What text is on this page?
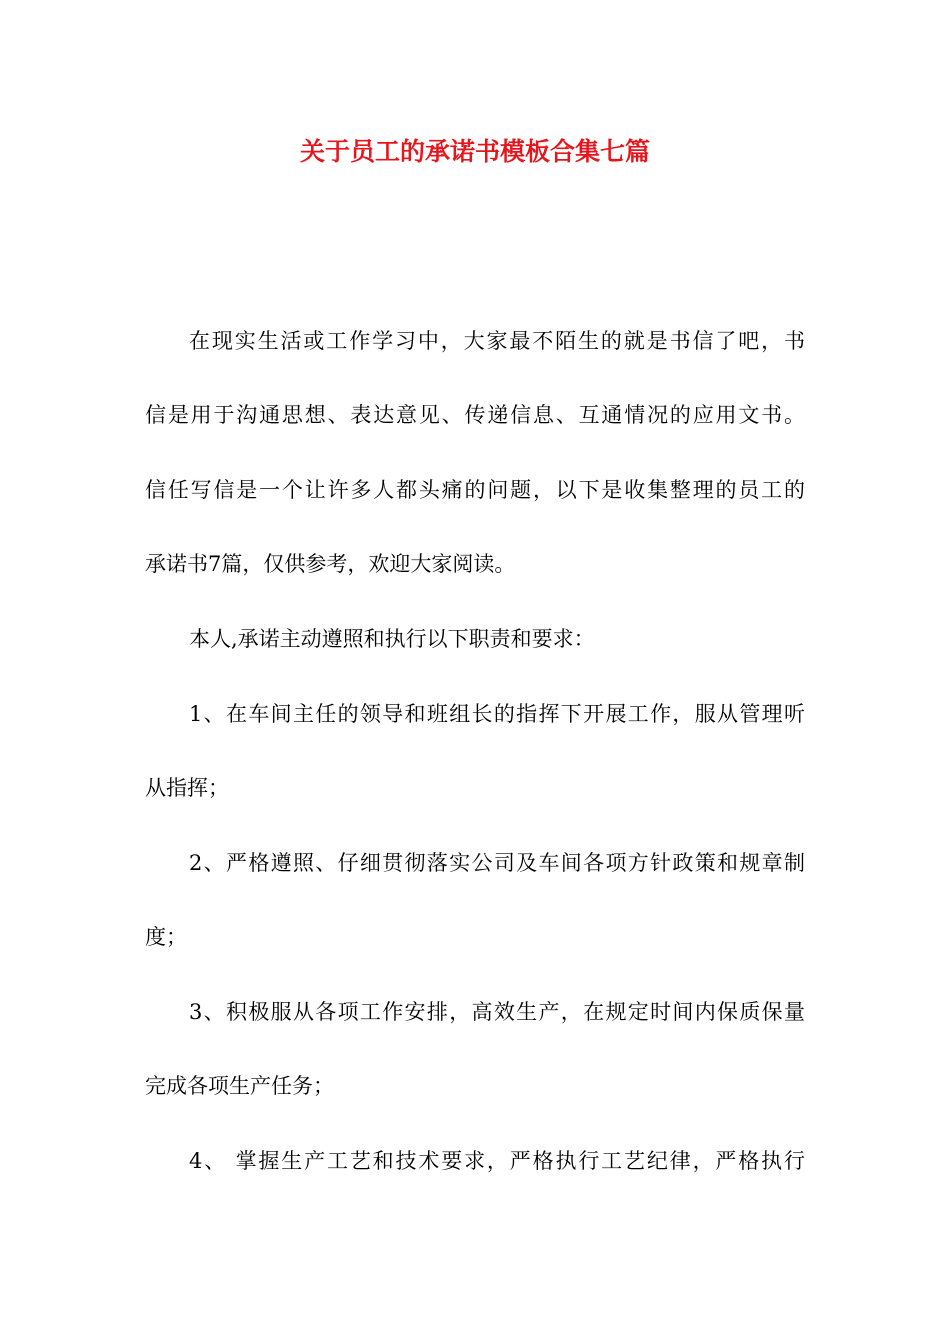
关于员工的承诺书模板合集七篇

在现实生活或工作学习中，大家最不陌生的就是书信了吧，书

信是用于沟通思想、表达意见、传递信息、互通情况的应用文书。

信任写信是一个让许多人都头痛的问题，以下是收集整理的员工的

承诺书7篇，仅供参考，欢迎大家阅读。

本人,承诺主动遵照和执行以下职责和要求：

1、在车间主任的领导和班组长的指挥下开展工作，服从管理听

从指挥；

2、严格遵照、仔细贯彻落实公司及车间各项方针政策和规章制

度；

3、积极服从各项工作安排，高效生产，在规定时间内保质保量

完成各项生产任务；

4、 掌握生产工艺和技术要求，严格执行工艺纪律，严格执行
